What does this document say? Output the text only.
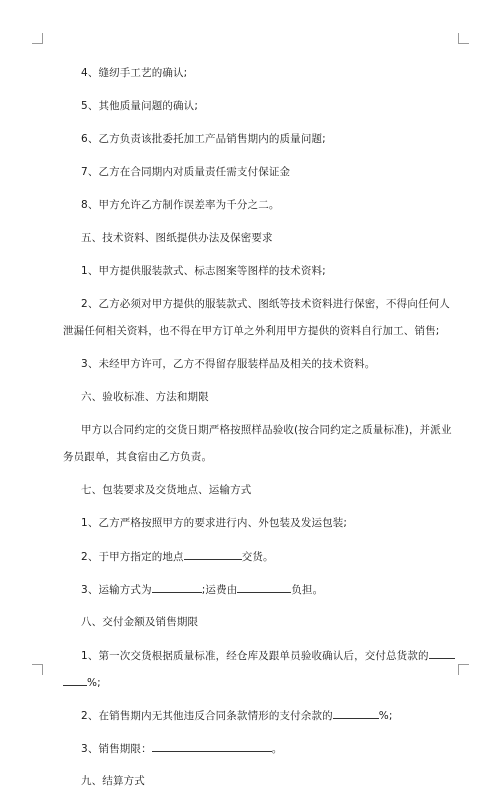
4、缝纫手工艺的确认;
5、其他质量问题的确认;
6、乙方负责该批委托加工产品销售期内的质量问题;
7、乙方在合同期内对质量责任需支付保证金
8、甲方允许乙方制作误差率为千分之二。
五、技术资料、图纸提供办法及保密要求
1、甲方提供服装款式、标志图案等图样的技术资料;
2、乙方必须对甲方提供的服装款式、图纸等技术资料进行保密，不得向任何人
泄漏任何相关资料，也不得在甲方订单之外利用甲方提供的资料自行加工、销售;
3、未经甲方许可，乙方不得留存服装样品及相关的技术资料。
六、验收标准、方法和期限
甲方以合同约定的交货日期严格按照样品验收(按合同约定之质量标准)，并派业
务员跟单，其食宿由乙方负责。
七、包装要求及交货地点、运输方式
1、乙方严格按照甲方的要求进行内、外包装及发运包装;
2、于甲方指定的地点	交货。
3、运输方式为	;运费由	负担。
八、交付金额及销售期限
1、第一次交货根据质量标准，经仓库及跟单员验收确认后，交付总货款的
%;
2、在销售期内无其他违反合同条款情形的支付余款的	%;
3、销售期限：	。
九、结算方式
